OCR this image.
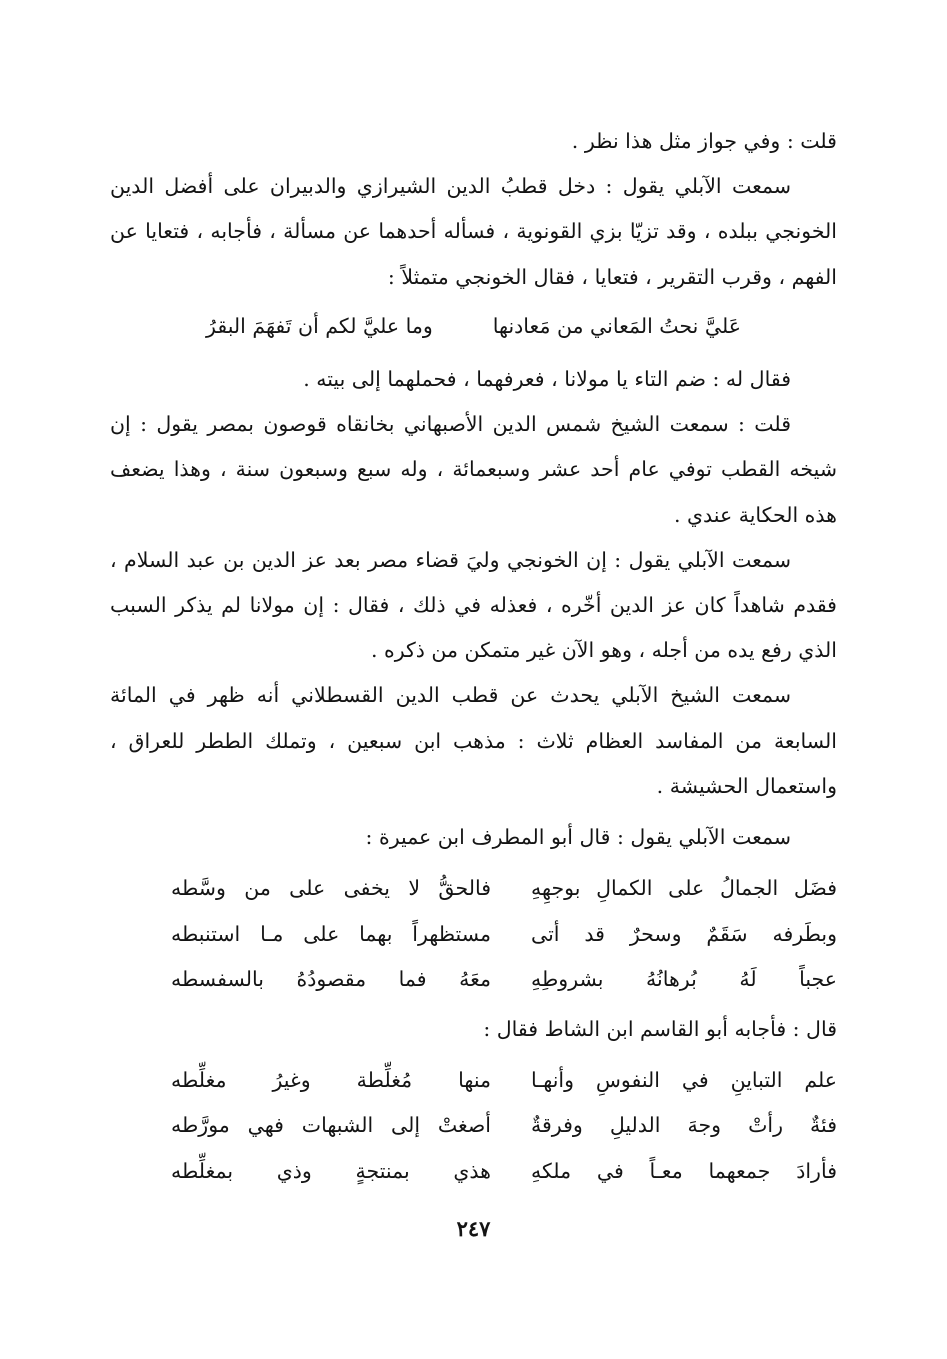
قلت : وفي جواز مثل هذا نظر .

سمعت الآبلي يقول : دخل قطبُ الدين الشيرازي والدبيران على أفضل الدين الخونجي ببلده ، وقد تزيّا بزي القونوية ، فسأله أحدهما عن مسألة ، فأجابه ، فتعايا عن الفهم ، وقرب التقرير ، فتعايا ، فقال الخونجي متمثلاً :

عَليَّ نحتُ المَعاني من مَعادنها
وما عليَّ لكم أن تَفهَمَ البقرُ

فقال له : ضم التاء يا مولانا ، فعرفهما ، فحملهما إلى بيته .

قلت : سمعت الشيخ شمس الدين الأصبهاني بخانقاه قوصون بمصر يقول : إن شيخه القطب توفي عام أحد عشر وسبعمائة ، وله سبع وسبعون سنة ، وهذا يضعف هذه الحكاية عندي .

سمعت الآبلي يقول : إن الخونجي وليَ قضاء مصر بعد عز الدين بن عبد السلام ، فقدم شاهداً كان عز الدين أخّره ، فعذله في ذلك ، فقال : إن مولانا لم يذكر السبب الذي رفع يده من أجله ، وهو الآن غير متمكن من ذكره .

سمعت الشيخ الآبلي يحدث عن قطب الدين القسطلاني أنه ظهر في المائة السابعة من المفاسد العظام ثلاث : مذهب ابن سبعين ، وتملك الططر للعراق ، واستعمال الحشيشة .

سمعت الآبلي يقول : قال أبو المطرف ابن عميرة :

فضَل الجمالُ على الكمالِ بوجهِهِ
فالحقُّ لا يخفى على من وسَّطه
وبطَرفه سَقَمٌ وسحرٌ قد أتى
مستظهراً بهما على مـا استنبطه
عجباً لَهُ بُرهانُهُ بشروطِهِ
معَهُ فما مقصودُهُ بالسفسطه

قال : فأجابه أبو القاسم ابن الشاط فقال :

علم التباينِ في النفوسِ وأنهـا
منها مُغلِّطة وغيرُ مغلِّطه
فئةٌ رأتْ وجهَ الدليلِ وفرقةٌ
أصغتْ إلى الشبهات فهي مورَّطه
فأرادَ جمعهما معـاً في ملكهِ
هذي بمنتجةٍ وذي بمغلِّطه
٢٤٧
